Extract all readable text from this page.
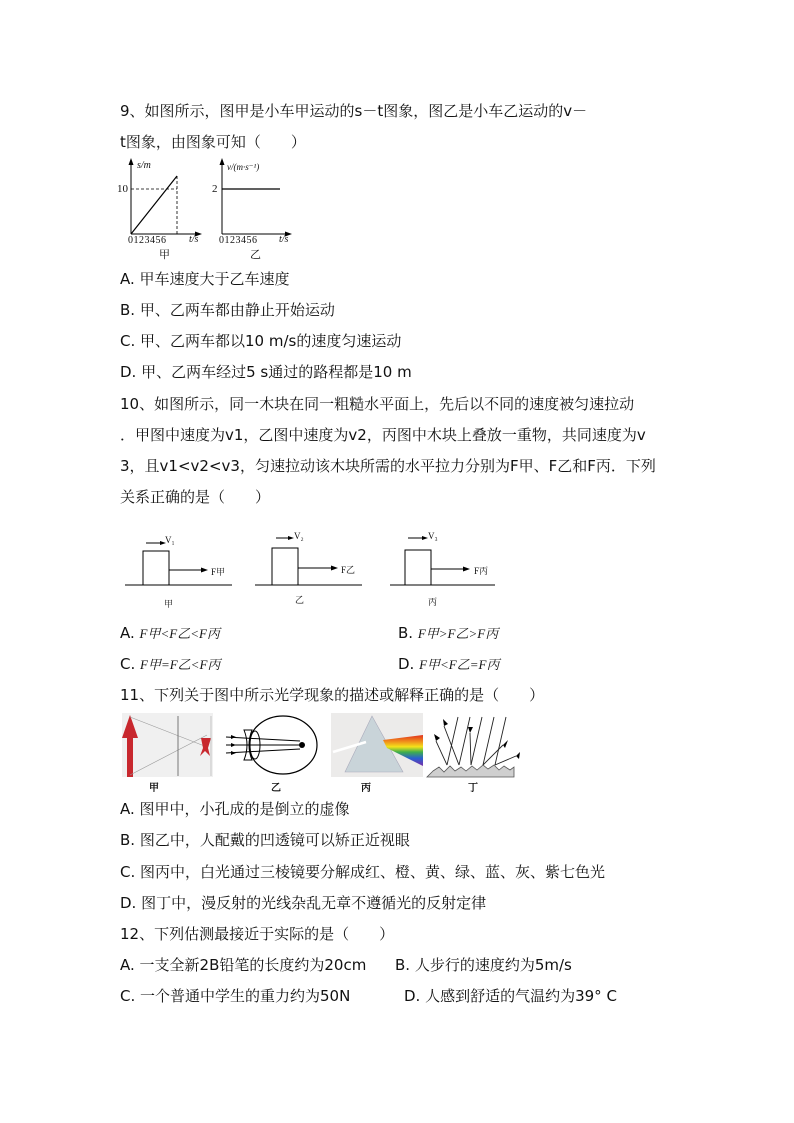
9、如图所示，图甲是小车甲运动的s－t图象，图乙是小车乙运动的v－
t图象，由图象可知（　　）
s/m
10
0 1 2 3 4 5 6 t/s
甲
v/(m·s⁻¹)
2
0 1 2 3 4 5 6 t/s
乙
A. 甲车速度大于乙车速度
B. 甲、乙两车都由静止开始运动
C. 甲、乙两车都以10 m/s的速度匀速运动
D. 甲、乙两车经过5 s通过的路程都是10 m
10、如图所示，同一木块在同一粗糙水平面上，先后以不同的速度被匀速拉动
．甲图中速度为v1，乙图中速度为v2，丙图中木块上叠放一重物，共同速度为v
3，且v1<v2<v3，匀速拉动该木块所需的水平拉力分别为F甲、F乙和F丙．下列
关系正确的是（　　）
V₁
F甲
甲
V₂
F乙
乙
V₃
F丙
丙
A. F甲<F乙<F丙	B. F甲>F乙>F丙
C. F甲=F乙<F丙	D. F甲<F乙=F丙
11、下列关于图中所示光学现象的描述或解释正确的是（　　）
甲	乙	丙	丁
A. 图甲中，小孔成的是倒立的虚像
B. 图乙中，人配戴的凹透镜可以矫正近视眼
C. 图丙中，白光通过三棱镜要分解成红、橙、黄、绿、蓝、灰、紫七色光
D. 图丁中，漫反射的光线杂乱无章不遵循光的反射定律
12、下列估测最接近于实际的是（　　）
A. 一支全新2B铅笔的长度约为20cm B. 人步行的速度约为5m/s
C. 一个普通中学生的重力约为50N	D. 人感到舒适的气温约为39° C
